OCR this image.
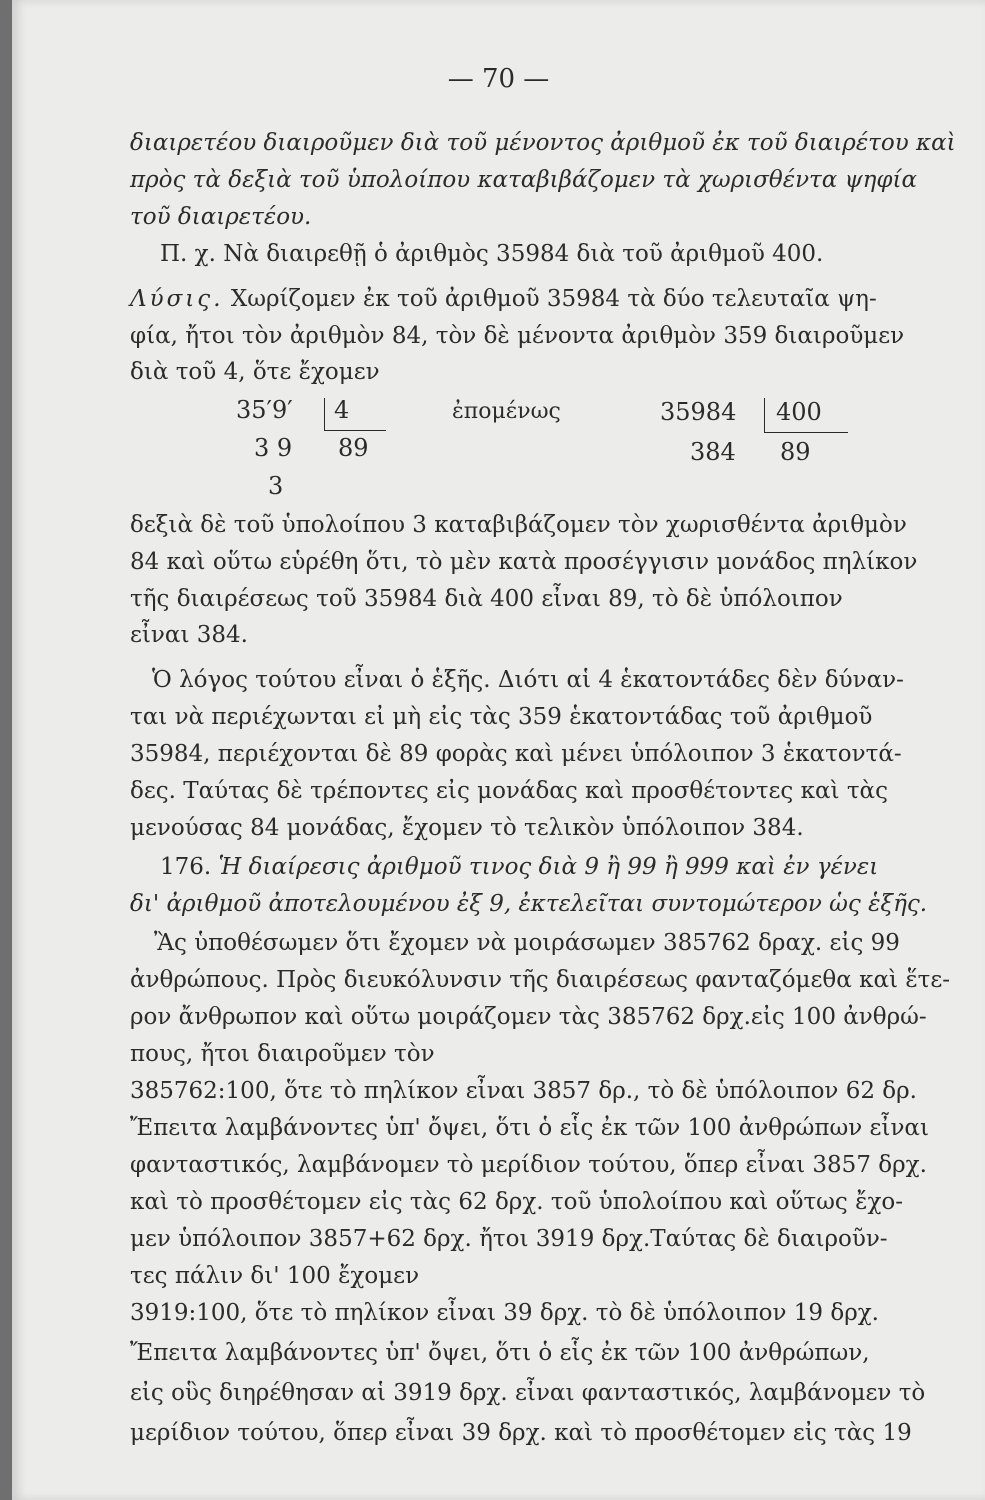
— 70 —
διαιρετέου διαιροῦμεν διὰ τοῦ μένοντος ἀριθμοῦ ἐκ τοῦ διαιρέτου καὶ
πρὸς τὰ δεξιὰ τοῦ ὑπολοίπου καταβιβάζομεν τὰ χωρισθέντα ψηφία
τοῦ διαιρετέου.
Π. χ. Νὰ διαιρεθῇ ὁ ἀριθμὸς 35984 διὰ τοῦ ἀριθμοῦ 400.
Λύσις. Χωρίζομεν ἐκ τοῦ ἀριθμοῦ 35984 τὰ δύο τελευταῖα ψη-
φία, ἤτοι τὸν ἀριθμὸν 84, τὸν δὲ μένοντα ἀριθμὸν 359 διαιροῦμεν
διὰ τοῦ 4, ὅτε ἔχομεν
35′9′ 4
3 9 89
3
ἐπομένως	35984 400
384 89
δεξιὰ δὲ τοῦ ὑπολοίπου 3 καταβιβάζομεν τὸν χωρισθέντα ἀριθμὸν
84 καὶ οὕτω εὑρέθη ὅτι, τὸ μὲν κατὰ προσέγγισιν μονάδος πηλίκον
τῆς διαιρέσεως τοῦ 35984 διὰ 400 εἶναι 89, τὸ δὲ ὑπόλοιπον
εἶναι 384.
Ὁ λόγος τούτου εἶναι ὁ ἑξῆς. Διότι αἱ 4 ἑκατοντάδες δὲν δύναν-
ται νὰ περιέχωνται εἰ μὴ εἰς τὰς 359 ἑκατοντάδας τοῦ ἀριθμοῦ
35984, περιέχονται δὲ 89 φορὰς καὶ μένει ὑπόλοιπον 3 ἑκατοντά-
δες. Ταύτας δὲ τρέποντες εἰς μονάδας καὶ προσθέτοντες καὶ τὰς
μενούσας 84 μονάδας, ἔχομεν τὸ τελικὸν ὑπόλοιπον 384.
176. Ἡ διαίρεσις ἀριθμοῦ τινος διὰ 9 ἢ 99 ἢ 999 καὶ ἐν γένει
δι' ἀριθμοῦ ἀποτελουμένου ἐξ 9, ἐκτελεῖται συντομώτερον ὡς ἑξῆς.
Ἂς ὑποθέσωμεν ὅτι ἔχομεν νὰ μοιράσωμεν 385762 δραχ. εἰς 99
ἀνθρώπους. Πρὸς διευκόλυνσιν τῆς διαιρέσεως φανταζόμεθα καὶ ἕτε-
ρον ἄνθρωπον καὶ οὕτω μοιράζομεν τὰς 385762 δρχ.εἰς 100 ἀνθρώ-
πους, ἤτοι διαιροῦμεν τὸν
385762:100, ὅτε τὸ πηλίκον εἶναι 3857 δρ., τὸ δὲ ὑπόλοιπον 62 δρ.
Ἔπειτα λαμβάνοντες ὑπ' ὄψει, ὅτι ὁ εἷς ἐκ τῶν 100 ἀνθρώπων εἶναι
φανταστικός, λαμβάνομεν τὸ μερίδιον τούτου, ὅπερ εἶναι 3857 δρχ.
καὶ τὸ προσθέτομεν εἰς τὰς 62 δρχ. τοῦ ὑπολοίπου καὶ οὕτως ἔχο-
μεν ὑπόλοιπον 3857+62 δρχ. ἤτοι 3919 δρχ.Ταύτας δὲ διαιροῦν-
τες πάλιν δι' 100 ἔχομεν
3919:100, ὅτε τὸ πηλίκον εἶναι 39 δρχ. τὸ δὲ ὑπόλοιπον 19 δρχ.
Ἔπειτα λαμβάνοντες ὑπ' ὄψει, ὅτι ὁ εἷς ἐκ τῶν 100 ἀνθρώπων,
εἰς οὓς διηρέθησαν αἱ 3919 δρχ. εἶναι φανταστικός, λαμβάνομεν τὸ
μερίδιον τούτου, ὅπερ εἶναι 39 δρχ. καὶ τὸ προσθέτομεν εἰς τὰς 19
